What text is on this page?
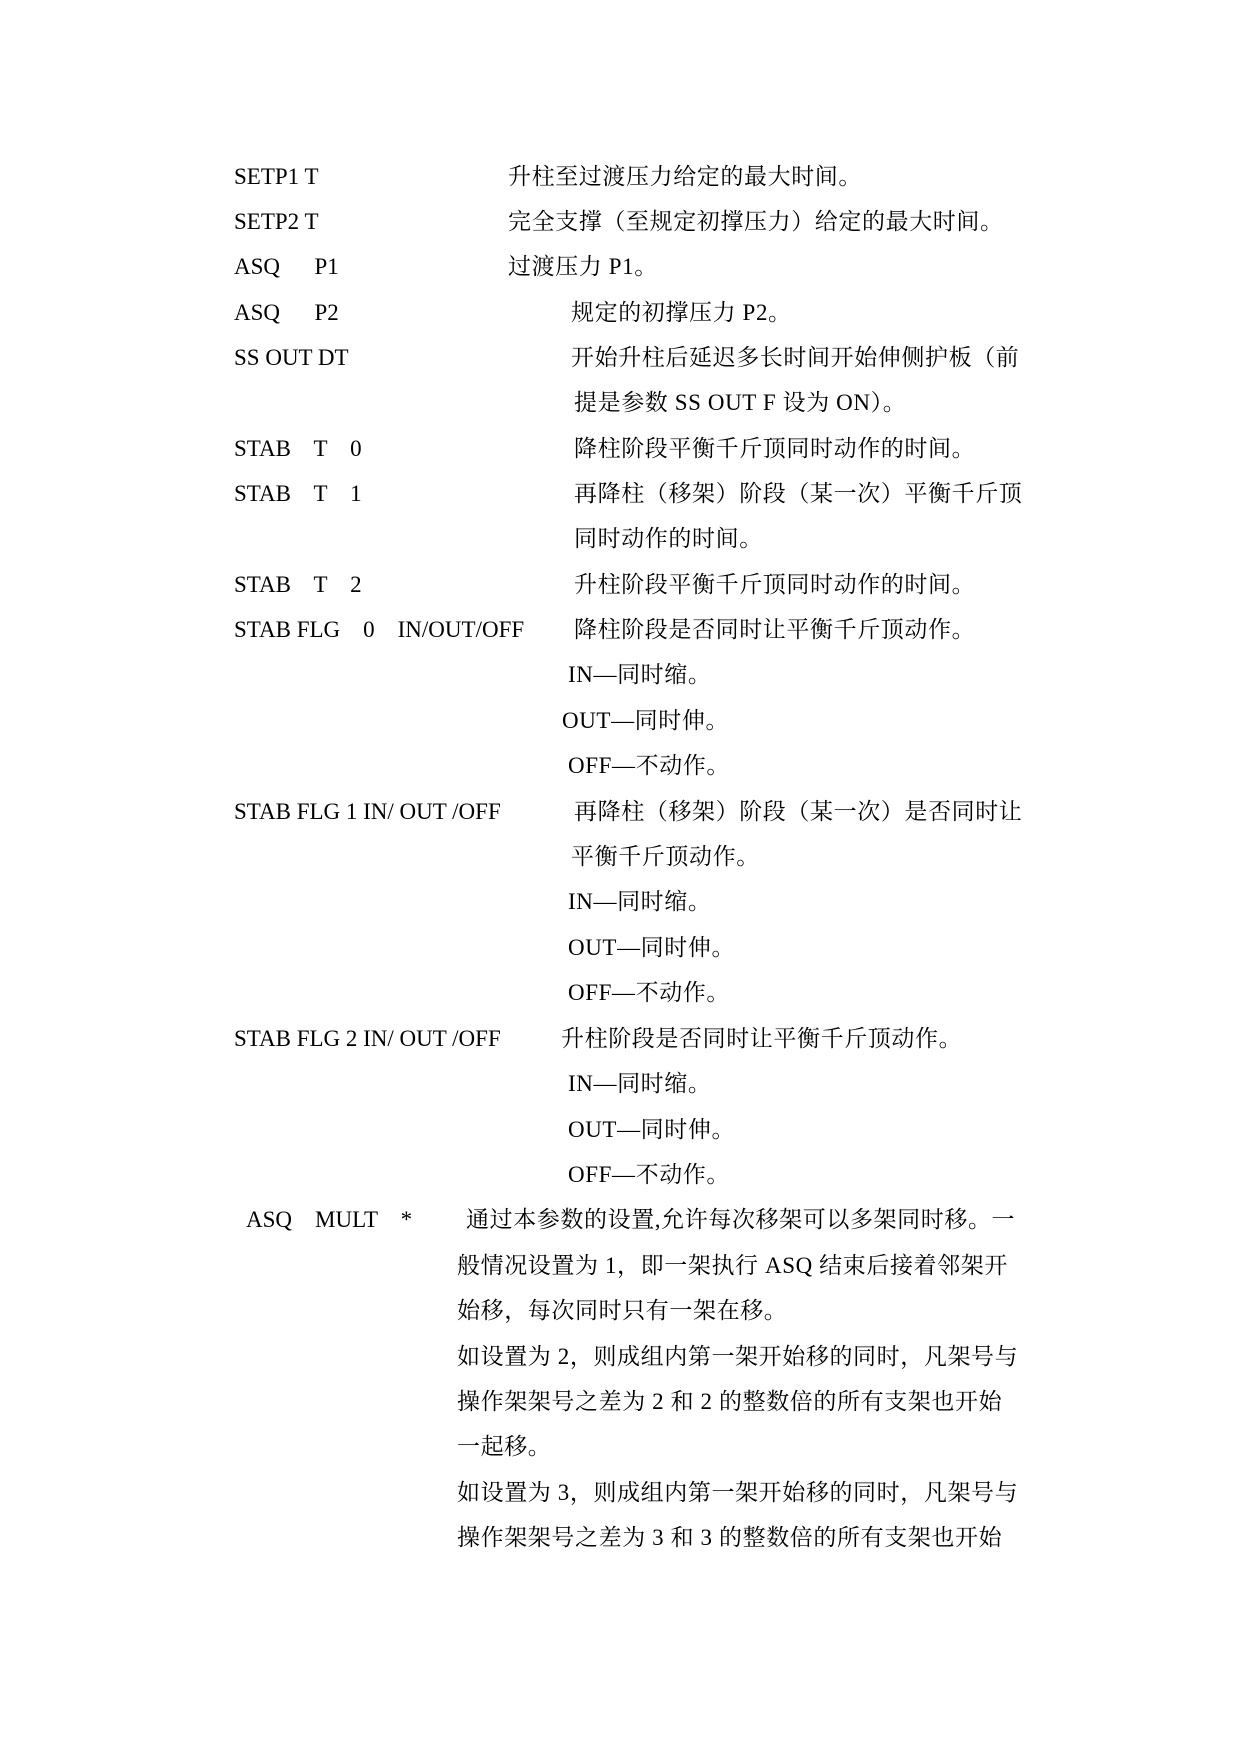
SETP1 T	升柱至过渡压力给定的最大时间。
SETP2 T	完全支撑（至规定初撑压力）给定的最大时间。
ASQ      P1	过渡压力 P1。
ASQ      P2	规定的初撑压力 P2。
SS OUT DT	开始升柱后延迟多长时间开始伸侧护板（前
提是参数 SS OUT F 设为 ON）。
STAB    T    0	降柱阶段平衡千斤顶同时动作的时间。
STAB    T    1	再降柱（移架）阶段（某一次）平衡千斤顶
同时动作的时间。
STAB    T    2	升柱阶段平衡千斤顶同时动作的时间。
STAB FLG    0    IN/OUT/OFF 降柱阶段是否同时让平衡千斤顶动作。
IN—同时缩。
OUT—同时伸。
OFF—不动作。
STAB FLG 1 IN/ OUT /OFF	再降柱（移架）阶段（某一次）是否同时让
平衡千斤顶动作。
IN—同时缩。
OUT—同时伸。
OFF—不动作。
STAB FLG 2 IN/ OUT /OFF	升柱阶段是否同时让平衡千斤顶动作。
IN—同时缩。
OUT—同时伸。
OFF—不动作。
ASQ    MULT    * 通过本参数的设置,允许每次移架可以多架同时移。一
般情况设置为 1，即一架执行 ASQ 结束后接着邻架开
始移，每次同时只有一架在移。
如设置为 2，则成组内第一架开始移的同时，凡架号与
操作架架号之差为 2 和 2 的整数倍的所有支架也开始
一起移。
如设置为 3，则成组内第一架开始移的同时，凡架号与
操作架架号之差为 3 和 3 的整数倍的所有支架也开始
